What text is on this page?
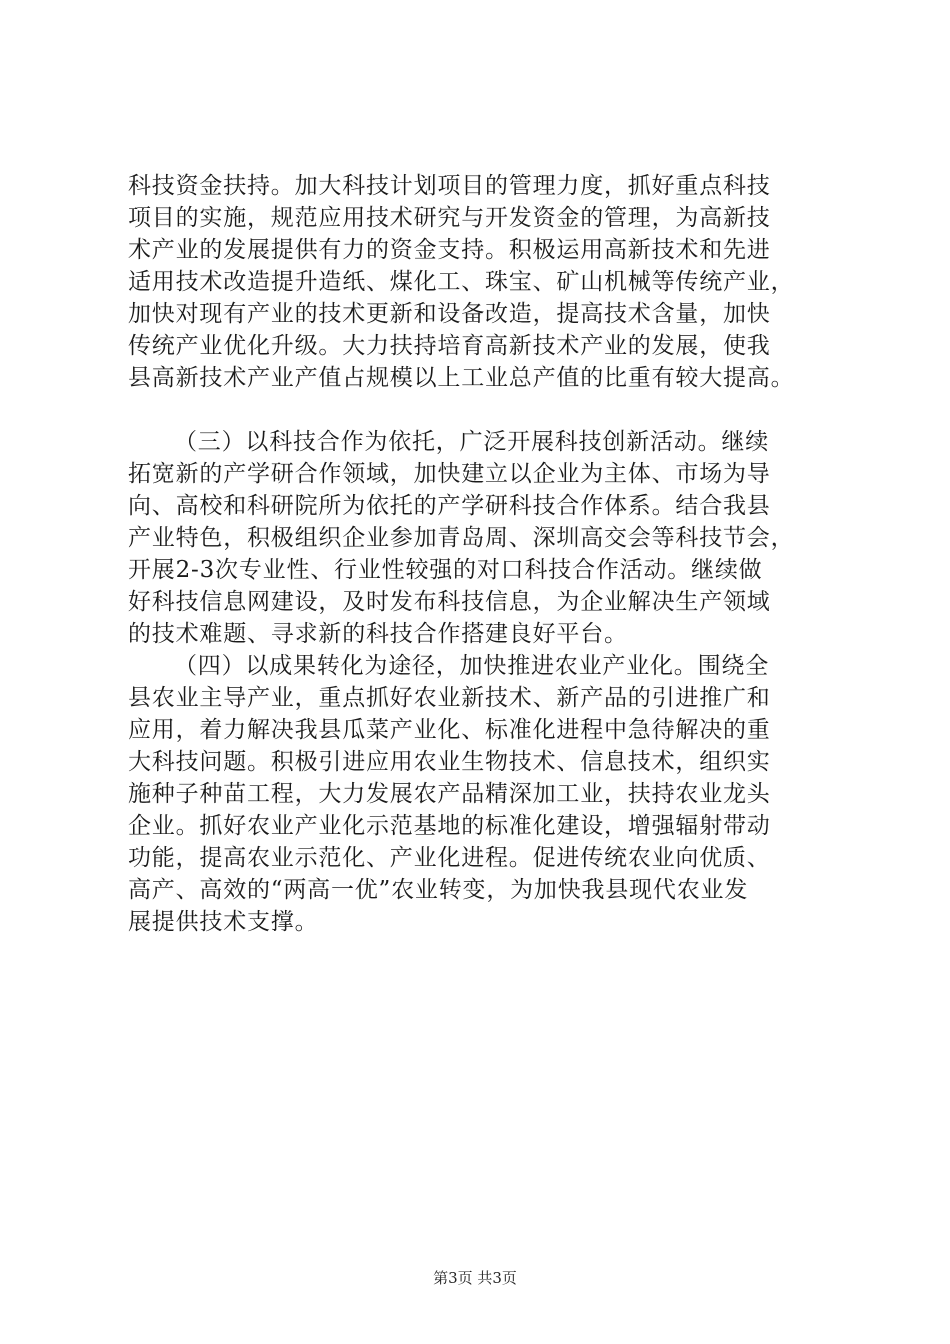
科技资金扶持。加大科技计划项目的管理力度，抓好重点科技
项目的实施，规范应用技术研究与开发资金的管理，为高新技
术产业的发展提供有力的资金支持。积极运用高新技术和先进
适用技术改造提升造纸、煤化工、珠宝、矿山机械等传统产业，
加快对现有产业的技术更新和设备改造，提高技术含量，加快
传统产业优化升级。大力扶持培育高新技术产业的发展，使我
县高新技术产业产值占规模以上工业总产值的比重有较大提高。
（三）以科技合作为依托，广泛开展科技创新活动。继续
拓宽新的产学研合作领域，加快建立以企业为主体、市场为导
向、高校和科研院所为依托的产学研科技合作体系。结合我县
产业特色，积极组织企业参加青岛周、深圳高交会等科技节会，
开展2-3次专业性、行业性较强的对口科技合作活动。继续做
好科技信息网建设，及时发布科技信息，为企业解决生产领域
的技术难题、寻求新的科技合作搭建良好平台。
（四）以成果转化为途径，加快推进农业产业化。围绕全
县农业主导产业，重点抓好农业新技术、新产品的引进推广和
应用，着力解决我县瓜菜产业化、标准化进程中急待解决的重
大科技问题。积极引进应用农业生物技术、信息技术，组织实
施种子种苗工程，大力发展农产品精深加工业，扶持农业龙头
企业。抓好农业产业化示范基地的标准化建设，增强辐射带动
功能，提高农业示范化、产业化进程。促进传统农业向优质、
高产、高效的“两高一优”农业转变，为加快我县现代农业发
展提供技术支撑。
第3页 共3页
